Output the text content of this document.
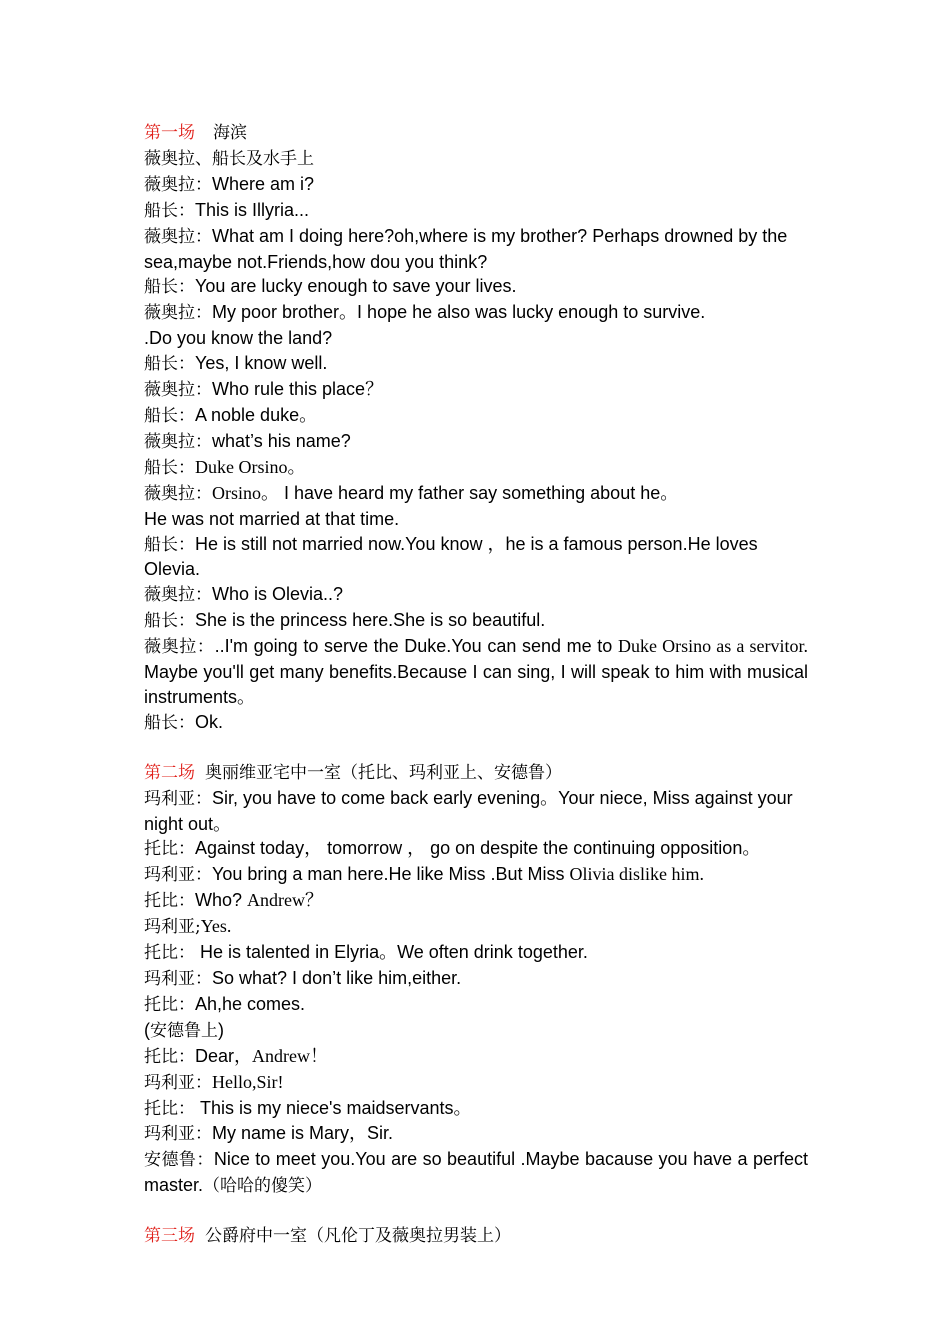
第一场 海滨
薇奥拉、船长及水手上
薇奥拉：Where am i?
船长：This is Illyria...
薇奥拉：What am I doing here?oh,where is my brother? Perhaps drowned by the sea,maybe not.Friends,how dou you think?
船长：You are lucky enough to save your lives.
薇奥拉：My poor brother。I hope he also was lucky enough to survive.
.Do you know the land?
船长：Yes, I know well.
薇奥拉：Who rule this place？
船长：A noble duke。
薇奥拉：what’s his name?
船长：Duke Orsino。
薇奥拉：Orsino。 I have heard my father say something about he。
He was not married at that time.
船长：He is still not married now.You know ，he is a famous person.He loves Olevia.
薇奥拉：Who is Olevia..?
船长：She is the princess here.She is so beautiful.
薇奥拉：..I'm going to serve the Duke.You can send me to Duke Orsino as a servitor. Maybe you'll get many benefits.Because I can sing, I will speak to him with musical instruments。
船长：Ok.
第二场 奥丽维亚宅中一室（托比、玛利亚上、安德鲁）
玛利亚：Sir, you have to come back early evening。Your niece, Miss against your night out。
托比：Against today， tomorrow ， go on despite the continuing opposition。
玛利亚：You bring a man here.He like Miss .But Miss Olivia dislike him.
托比：Who? Andrew？
玛利亚;Yes.
托比： He is talented in Elyria。We often drink together.
玛利亚：So what? I don’t like him,either.
托比：Ah,he comes.
(安德鲁上)
托比：Dear，Andrew！
玛利亚：Hello,Sir!
托比： This is my niece's maidservants。
玛利亚：My name is Mary，Sir.
安德鲁：Nice to meet you.You are so beautiful .Maybe bacause you have a perfect master.（哈哈的傻笑）
第三场 公爵府中一室（凡伦丁及薇奥拉男装上）
